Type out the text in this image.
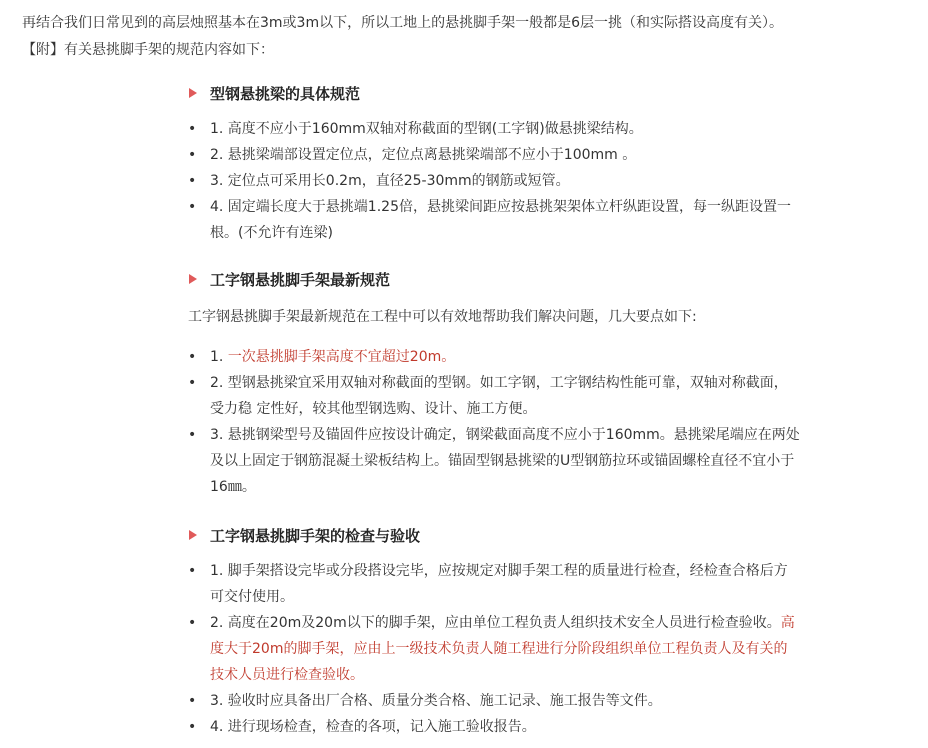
再结合我们日常见到的高层烛照基本在3m或3m以下，所以工地上的悬挑脚手架一般都是6层一挑（和实际搭设高度有关）。

【附】有关悬挑脚手架的规范内容如下：

型钢悬挑梁的具体规范
• 1. 高度不应小于160mm双轴对称截面的型钢(工字钢)做悬挑梁结构。
• 2. 悬挑梁端部设置定位点，定位点离悬挑梁端部不应小于100mm 。
• 3. 定位点可采用长0.2m，直径25-30mm的钢筋或短管。
• 4. 固定端长度大于悬挑端1.25倍，悬挑梁间距应按悬挑架架体立杆纵距设置，每一纵距设置一根。(不允许有连梁)
工字钢悬挑脚手架最新规范

工字钢悬挑脚手架最新规范在工程中可以有效地帮助我们解决问题，几大要点如下:

• 1. 一次悬挑脚手架高度不宜超过20m。
• 2. 型钢悬挑梁宜采用双轴对称截面的型钢。如工字钢，工字钢结构性能可靠，双轴对称截面，受力稳 定性好，较其他型钢选购、设计、施工方便。
• 3. 悬挑钢梁型号及锚固件应按设计确定，钢梁截面高度不应小于160mm。悬挑梁尾端应在两处及以上固定于钢筋混凝土梁板结构上。锚固型钢悬挑梁的U型钢筋拉环或锚固螺栓直径不宜小于16㎜。
工字钢悬挑脚手架的检查与验收
• 1. 脚手架搭设完毕或分段搭设完毕，应按规定对脚手架工程的质量进行检查，经检查合格后方可交付使用。
• 2. 高度在20m及20m以下的脚手架，应由单位工程负责人组织技术安全人员进行检查验收。高度大于20m的脚手架，应由上一级技术负责人随工程进行分阶段组织单位工程负责人及有关的技术人员进行检查验收。
• 3. 验收时应具备出厂合格、质量分类合格、施工记录、施工报告等文件。
• 4. 进行现场检查，检查的各项，记入施工验收报告。
